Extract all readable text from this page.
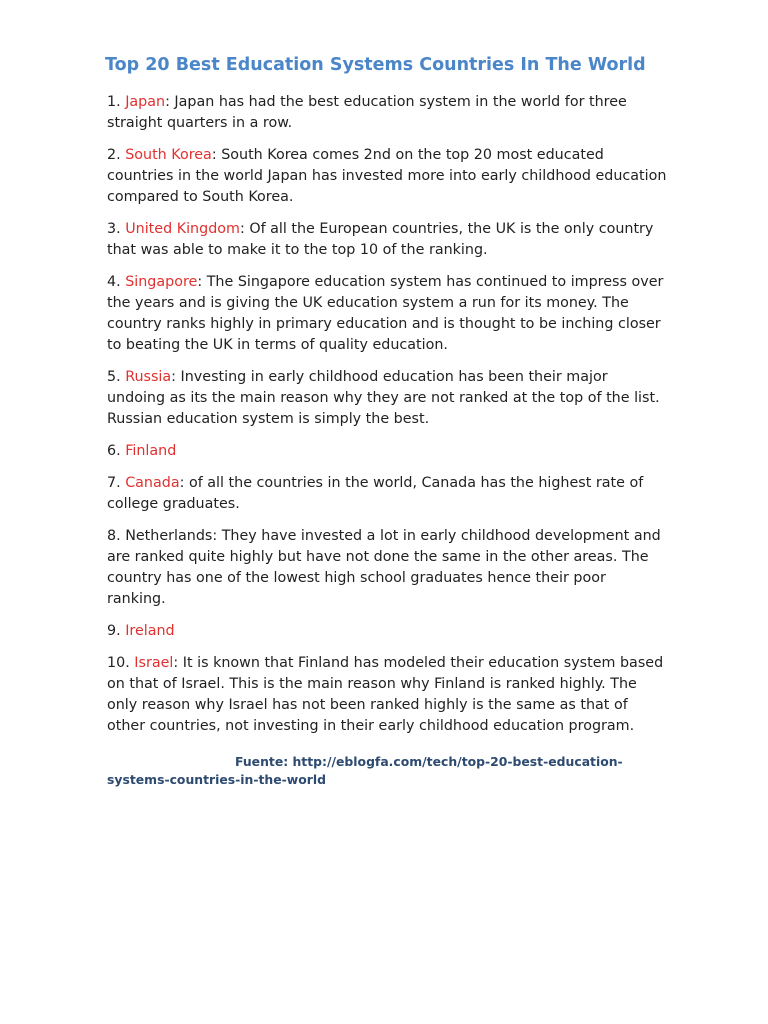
Top 20 Best Education Systems Countries In The World

1. Japan: Japan has had the best education system in the world for three straight quarters in a row.

2. South Korea: South Korea comes 2nd on the top 20 most educated countries in the world Japan has invested more into early childhood education compared to South Korea.

3. United Kingdom: Of all the European countries, the UK is the only country that was able to make it to the top 10 of the ranking.

4. Singapore: The Singapore education system has continued to impress over the years and is giving the UK education system a run for its money. The country ranks highly in primary education and is thought to be inching closer to beating the UK in terms of quality education.

5. Russia: Investing in early childhood education has been their major undoing as its the main reason why they are not ranked at the top of the list. Russian education system is simply the best.

6. Finland

7. Canada: of all the countries in the world, Canada has the highest rate of college graduates.

8. Netherlands: They have invested a lot in early childhood development and are ranked quite highly but have not done the same in the other areas. The country has one of the lowest high school graduates hence their poor ranking.

9. Ireland

10. Israel: It is known that Finland has modeled their education system based on that of Israel. This is the main reason why Finland is ranked highly. The only reason why Israel has not been ranked highly is the same as that of other countries, not investing in their early childhood education program.

Fuente: http://eblogfa.com/tech/top-20-best-education-
systems-countries-in-the-world
